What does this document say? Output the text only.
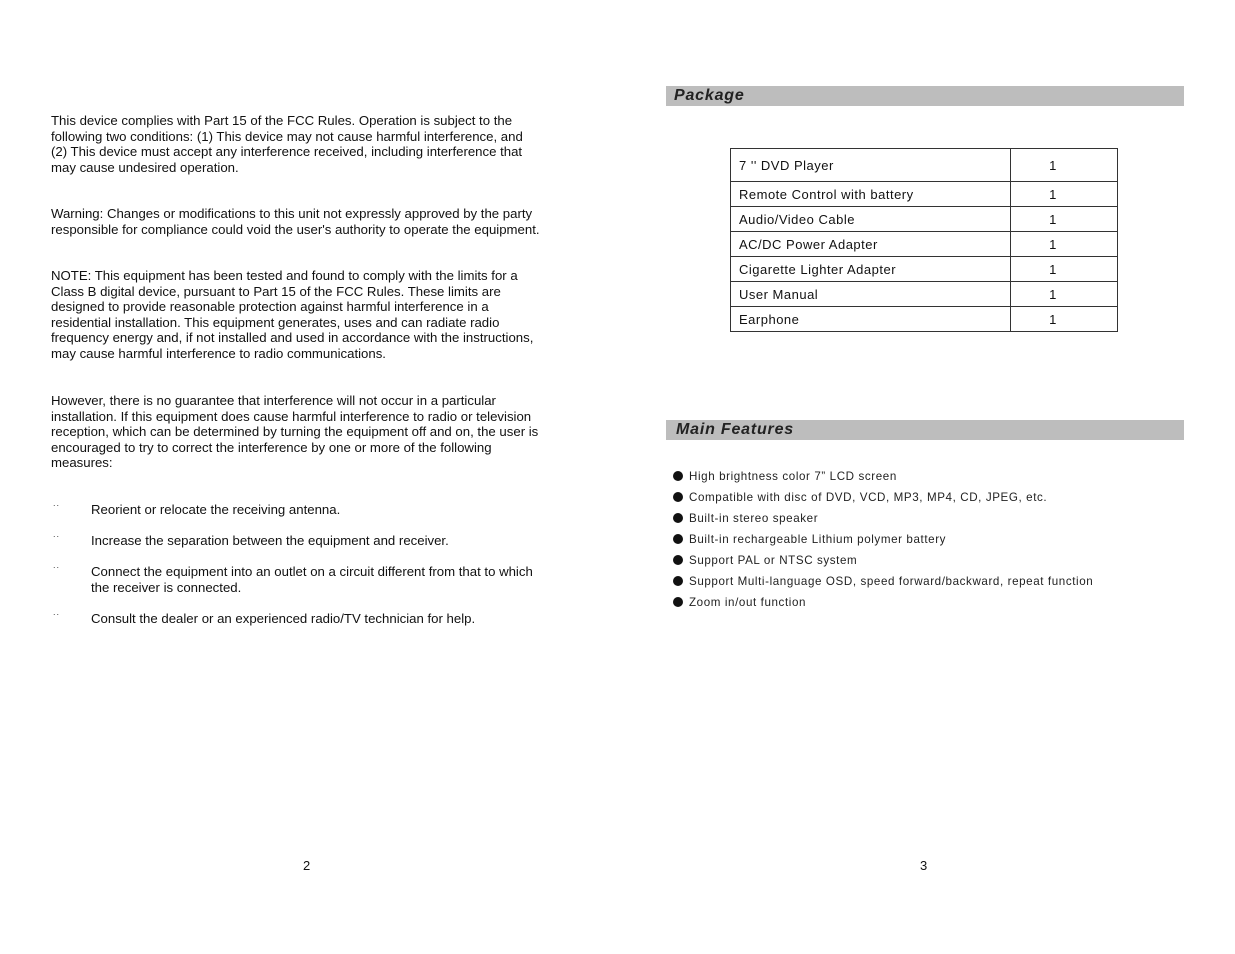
This device complies with Part 15 of the FCC Rules. Operation is subject to the
following two conditions: (1) This device may not cause harmful interference, and
(2) This device must accept any interference received, including interference that
may cause undesired operation.

Warning: Changes or modifications to this unit not expressly approved by the party
responsible for compliance could void the user's authority to operate the equipment.

NOTE: This equipment has been tested and found to comply with the limits for a
Class B digital device, pursuant to Part 15 of the FCC Rules. These limits are
designed to provide reasonable protection against harmful interference in a
residential installation. This equipment generates, uses and can radiate radio
frequency energy and, if not installed and used in accordance with the instructions,
may cause harmful interference to radio communications.

However, there is no guarantee that interference will not occur in a particular
installation. If this equipment does cause harmful interference to radio or television
reception, which can be determined by turning the equipment off and on, the user is
encouraged to try to correct the interference by one or more of the following
measures:

.. Reorient or relocate the receiving antenna.

.. Increase the separation between the equipment and receiver.

.. Connect the equipment into an outlet on a circuit different from that to which
the receiver is connected.

.. Consult the dealer or an experienced radio/TV technician for help.

2
Package
7 '' DVD Player	1
Remote Control with battery	1
Audio/Video Cable	1
AC/DC Power Adapter	1
Cigarette Lighter Adapter	1
User Manual	1
Earphone	1
Main Features
High brightness color 7” LCD screen
Compatible with disc of DVD, VCD, MP3, MP4, CD, JPEG, etc.
Built-in stereo speaker
Built-in rechargeable Lithium polymer battery
Support PAL or NTSC system
Support Multi-language OSD, speed forward/backward, repeat function
Zoom in/out function
3
